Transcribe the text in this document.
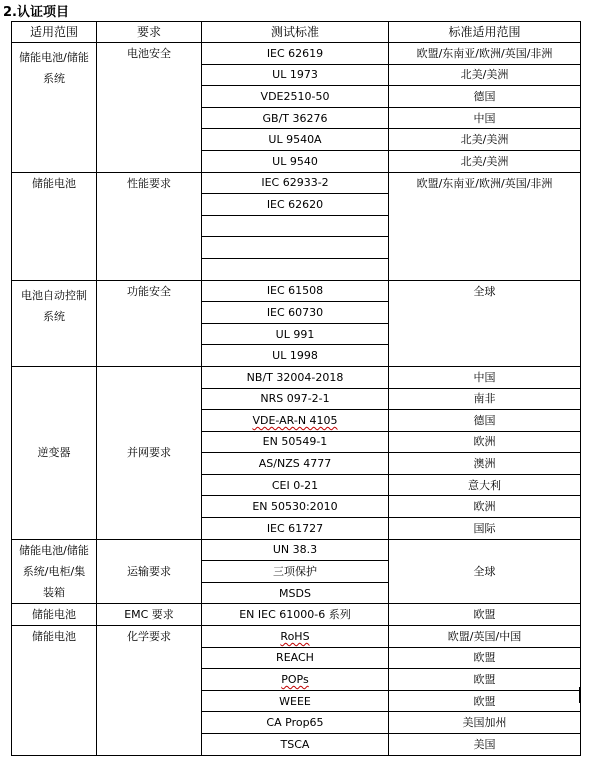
2.认证项目
适用范围	要求	测试标准	标准适用范围

储能电池/储能系统	电池安全	IEC 62619	欧盟/东南亚/欧洲/英国/非洲
		UL 1973	北美/美洲
		VDE2510-50	德国
		GB/T 36276	中国
		UL 9540A	北美/美洲
		UL 9540	北美/美洲
储能电池	性能要求	IEC 62933-2	欧盟/东南亚/欧洲/英国/非洲
		IEC 62620	

电池自动控制系统	功能安全	IEC 61508	全球
		IEC 60730	
		UL 991	
		UL 1998	
逆变器	并网要求	NB/T 32004-2018	中国
		NRS 097-2-1	南非
		VDE-AR-N 4105	德国
		EN 50549-1	欧洲
		AS/NZS 4777	澳洲
		CEI 0-21	意大利
		EN 50530:2010	欧洲
		IEC 61727	国际

储能电池/储能系统/电柜/集装箱	运输要求	UN 38.3	全球
		三项保护	
		MSDS	
储能电池	EMC 要求	EN IEC 61000-6 系列	欧盟
储能电池	化学要求	RoHS	欧盟/英国/中国
		REACH	欧盟
		POPs	欧盟
		WEEE	欧盟
		CA Prop65	美国加州
		TSCA	美国
